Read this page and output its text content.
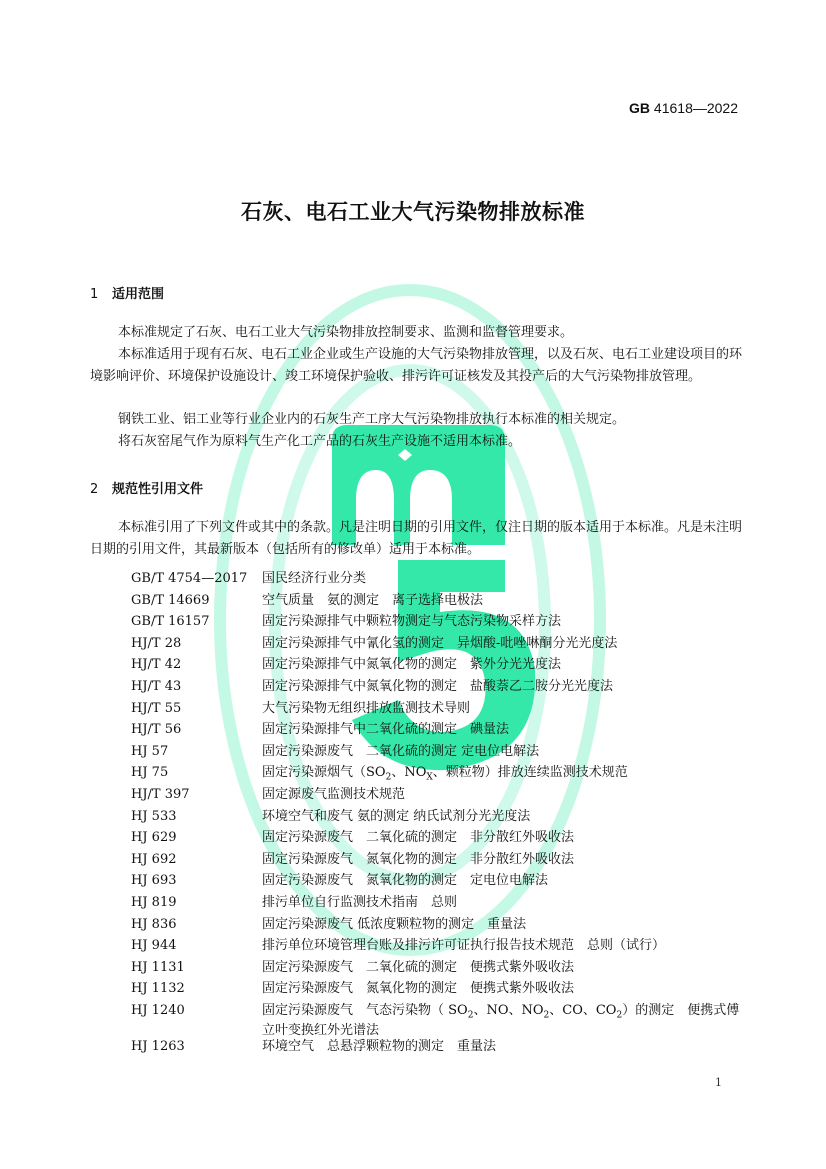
GB 41618—2022
石灰、电石工业大气污染物排放标准
1 适用范围

本标准规定了石灰、电石工业大气污染物排放控制要求、监测和监督管理要求。

本标准适用于现有石灰、电石工业企业或生产设施的大气污染物排放管理，以及石灰、电石工业建设项目的环境影响评价、环境保护设施设计、竣工环境保护验收、排污许可证核发及其投产后的大气污染物排放管理。

钢铁工业、铝工业等行业企业内的石灰生产工序大气污染物排放执行本标准的相关规定。

将石灰窑尾气作为原料气生产化工产品的石灰生产设施不适用本标准。

2 规范性引用文件

本标准引用了下列文件或其中的条款。凡是注明日期的引用文件，仅注日期的版本适用于本标准。凡是未注明日期的引用文件，其最新版本（包括所有的修改单）适用于本标准。

GB/T 4754—2017 国民经济行业分类
GB/T 14669	空气质量　氨的测定　离子选择电极法
GB/T 16157	固定污染源排气中颗粒物测定与气态污染物采样方法
HJ/T 28	固定污染源排气中氰化氢的测定　异烟酸-吡唑啉酮分光光度法
HJ/T 42	固定污染源排气中氮氧化物的测定　紫外分光光度法
HJ/T 43	固定污染源排气中氮氧化物的测定　盐酸萘乙二胺分光光度法
HJ/T 55	大气污染物无组织排放监测技术导则
HJ/T 56	固定污染源排气中二氧化硫的测定　碘量法
HJ 57	固定污染源废气　二氧化硫的测定 定电位电解法
HJ 75	固定污染源烟气（$SO_2$、$NO_X$、颗粒物）排放连续监测技术规范
HJ/T 397	固定源废气监测技术规范
HJ 533	环境空气和废气 氨的测定 纳氏试剂分光光度法
HJ 629	固定污染源废气　二氧化硫的测定　非分散红外吸收法
HJ 692	固定污染源废气　氮氧化物的测定　非分散红外吸收法
HJ 693	固定污染源废气　氮氧化物的测定　定电位电解法
HJ 819	排污单位自行监测技术指南　总则
HJ 836	固定污染源废气 低浓度颗粒物的测定　重量法
HJ 944	排污单位环境管理台账及排污许可证执行报告技术规范　总则（试行）
HJ 1131	固定污染源废气　二氧化硫的测定　便携式紫外吸收法
HJ 1132	固定污染源废气　氮氧化物的测定　便携式紫外吸收法
HJ 1240	固定污染源废气　气态污染物（ $SO_2$、NO、$NO_2$、CO、$CO_2$）的测定　便携式傅立叶变换红外光谱法
HJ 1263	环境空气　总悬浮颗粒物的测定　重量法
1
